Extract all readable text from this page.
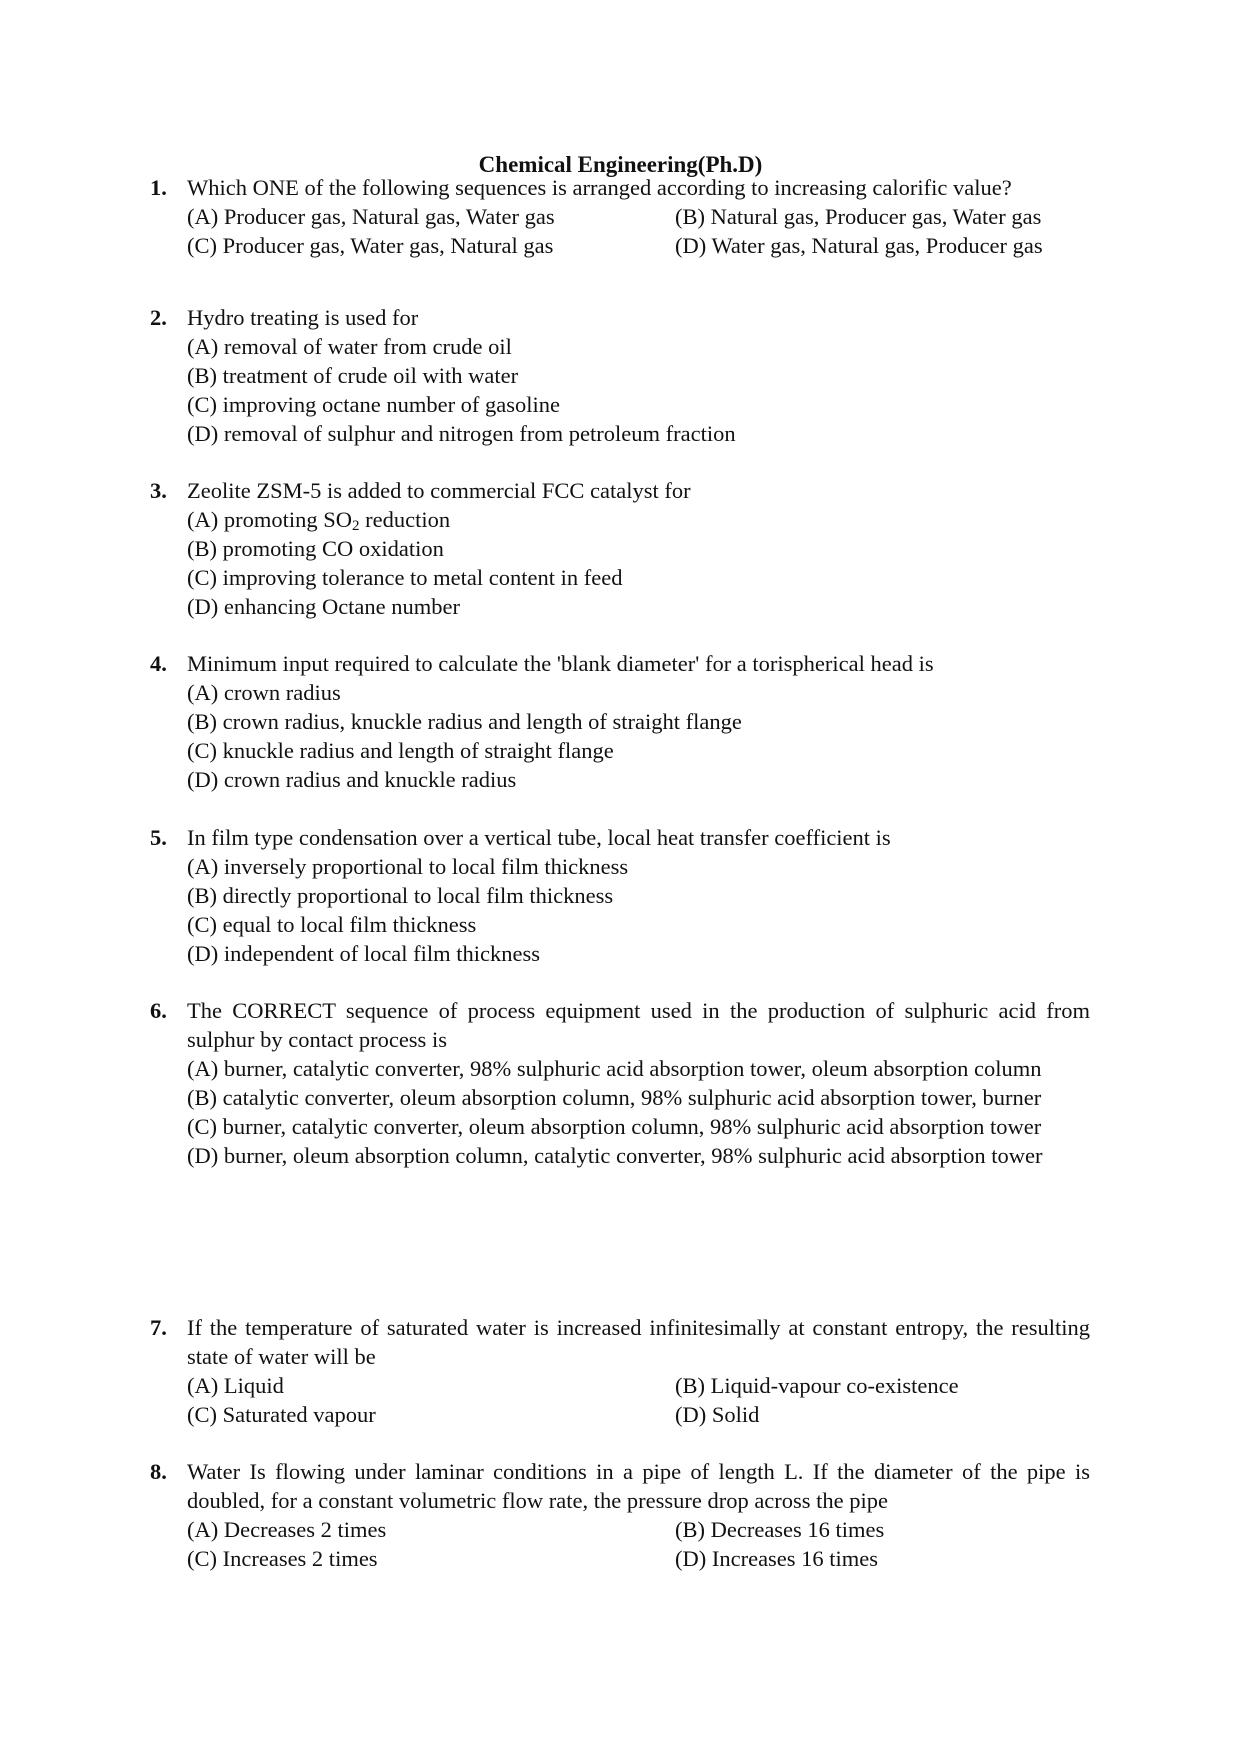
Chemical Engineering(Ph.D)
1. Which ONE of the following sequences is arranged according to increasing calorific value?
(A) Producer gas, Natural gas, Water gas	(B) Natural gas, Producer gas, Water gas
(C) Producer gas, Water gas, Natural gas	(D) Water gas, Natural gas, Producer gas
2. Hydro treating is used for
(A) removal of water from crude oil
(B) treatment of crude oil with water
(C) improving octane number of gasoline
(D) removal of sulphur and nitrogen from petroleum fraction
3. Zeolite ZSM-5 is added to commercial FCC catalyst for
(A) promoting $SO_2$ reduction
(B) promoting CO oxidation
(C) improving tolerance to metal content in feed
(D) enhancing Octane number
4. Minimum input required to calculate the 'blank diameter' for a torispherical head is
(A) crown radius
(B) crown radius, knuckle radius and length of straight flange
(C) knuckle radius and length of straight flange
(D) crown radius and knuckle radius
5. In film type condensation over a vertical tube, local heat transfer coefficient is
(A) inversely proportional to local film thickness
(B) directly proportional to local film thickness
(C) equal to local film thickness
(D) independent of local film thickness
6. The CORRECT sequence of process equipment used in the production of sulphuric acid from sulphur by contact process is
(A) burner, catalytic converter, 98% sulphuric acid absorption tower, oleum absorption column
(B) catalytic converter, oleum absorption column, 98% sulphuric acid absorption tower, burner
(C) burner, catalytic converter, oleum absorption column, 98% sulphuric acid absorption tower
(D) burner, oleum absorption column, catalytic converter, 98% sulphuric acid absorption tower
7. If the temperature of saturated water is increased infinitesimally at constant entropy, the resulting state of water will be
(A) Liquid	(B) Liquid-vapour co-existence
(C) Saturated vapour	(D) Solid
8. Water Is flowing under laminar conditions in a pipe of length L. If the diameter of the pipe is doubled, for a constant volumetric flow rate, the pressure drop across the pipe
(A) Decreases 2 times	(B) Decreases 16 times
(C) Increases 2 times	(D) Increases 16 times
